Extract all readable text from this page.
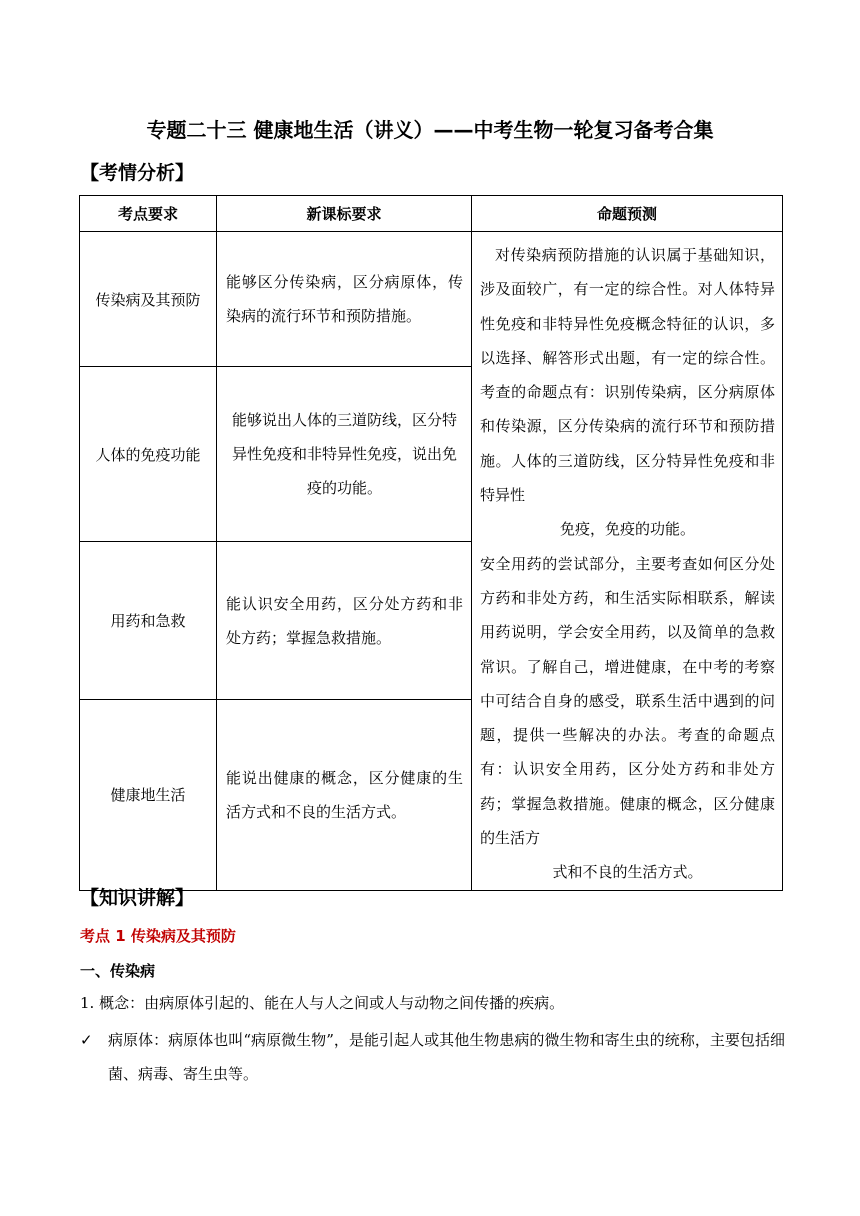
专题二十三 健康地生活（讲义）——中考生物一轮复习备考合集
【考情分析】
考点要求	新课标要求	命题预测
传染病及其预防	能够区分传染病，区分病原体，传染病的流行环节和预防措施。	对传染病预防措施的认识属于基础知识，涉及面较广，有一定的综合性。对人体特异性免疫和非特异性免疫概念特征的认识，多以选择、解答形式出题，有一定的综合性。考查的命题点有：识别传染病，区分病原体和传染源，区分传染病的流行环节和预防措施。人体的三道防线，区分特异性免疫和非特异性

免疫，免疫的功能。

安全用药的尝试部分，主要考查如何区分处方药和非处方药，和生活实际相联系，解读用药说明，学会安全用药，以及简单的急救常识。了解自己，增进健康，在中考的考察中可结合自身的感受，联系生活中遇到的问题，提供一些解决的办法。考查的命题点有：认识安全用药，区分处方药和非处方药；掌握急救措施。健康的概念，区分健康的生活方

式和不良的生活方式。

人体的免疫功能	能够说出人体的三道防线，区分特异性免疫和非特异性免疫，说出免疫的功能。	
用药和急救	能认识安全用药，区分处方药和非处方药；掌握急救措施。	
健康地生活	能说出健康的概念，区分健康的生活方式和不良的生活方式。	
【知识讲解】
考点 1 传染病及其预防
一、传染病
1. 概念：由病原体引起的、能在人与人之间或人与动物之间传播的疾病。
✓ 病原体：病原体也叫“病原微生物”，是能引起人或其他生物患病的微生物和寄生虫的统称，主要包括细菌、病毒、寄生虫等。
